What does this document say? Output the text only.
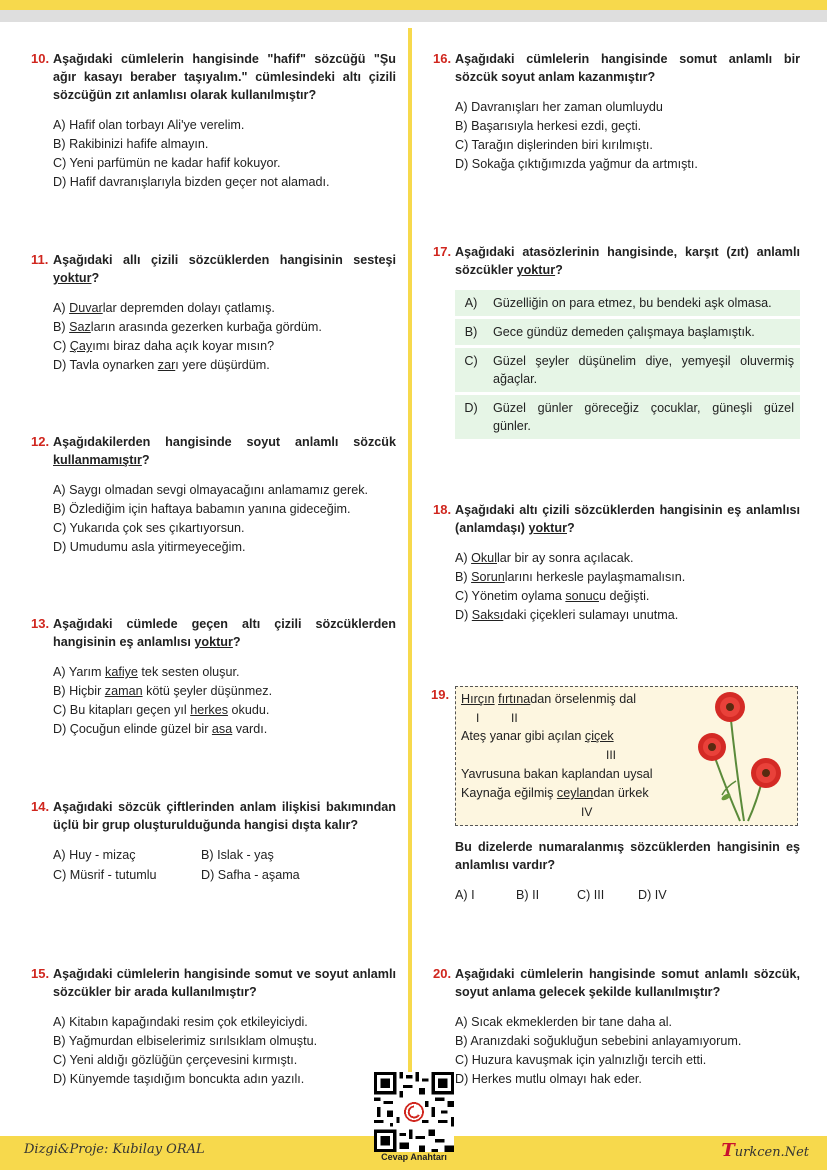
10. Aşağıdaki cümlelerin hangisinde "hafif" sözcüğü "Şu ağır kasayı beraber taşıyalım." cümlesindeki altı çizili sözcüğün zıt anlamlısı olarak kullanılmıştır?

A) Hafif olan torbayı Ali'ye verelim.

B) Rakibinizi hafife almayın.

C) Yeni parfümün ne kadar hafif kokuyor.

D) Hafif davranışlarıyla bizden geçer not alamadı.

11. Aşağıdaki allı çizili sözcüklerden hangisinin sesteşi yoktur?

A) Duvarlar depremden dolayı çatlamış.

B) Sazların arasında gezerken kurbağa gördüm.

C) Çayımı biraz daha açık koyar mısın?

D) Tavla oynarken zarı yere düşürdüm.

12. Aşağıdakilerden hangisinde soyut anlamlı sözcük kullanmamıştır?

A) Saygı olmadan sevgi olmayacağını anlamamız gerek.

B) Özlediğim için haftaya babamın yanına gideceğim.

C) Yukarıda çok ses çıkartıyorsun.

D) Umudumu asla yitirmeyeceğim.

13. Aşağıdaki cümlede geçen altı çizili sözcüklerden hangisinin eş anlamlısı yoktur?

A) Yarım kafiye tek sesten oluşur.

B) Hiçbir zaman kötü şeyler düşünmez.

C) Bu kitapları geçen yıl herkes okudu.

D) Çocuğun elinde güzel bir asa vardı.

14. Aşağıdaki sözcük çiftlerinden anlam ilişkisi bakımından üçlü bir grup oluşturulduğunda hangisi dışta kalır?

A) Huy - mizaç	B) Islak - yaş
C) Müsrif - tutumlu	D) Safha - aşama
15. Aşağıdaki cümlelerin hangisinde somut ve soyut anlamlı sözcükler bir arada kullanılmıştır?

A) Kitabın kapağındaki resim çok etkileyiciydi.

B) Yağmurdan elbiselerimiz sırılsıklam olmuştu.

C) Yeni aldığı gözlüğün çerçevesini kırmıştı.

D) Künyemde taşıdığım boncukta adın yazılı.

16. Aşağıdaki cümlelerin hangisinde somut anlamlı bir sözcük soyut anlam kazanmıştır?

A) Davranışları her zaman olumluydu

B) Başarısıyla herkesi ezdi, geçti.

C) Tarağın dişlerinden biri kırılmıştı.

D) Sokağa çıktığımızda yağmur da artmıştı.

17. Aşağıdaki atasözlerinin hangisinde, karşıt (zıt) anlamlı sözcükler yoktur?

A)	Güzelliğin on para etmez, bu bendeki aşk olmasa.
B)	Gece gündüz demeden çalışmaya başlamıştık.
C)	Güzel şeyler düşünelim diye, yemyeşil oluvermiş ağaçlar.
D)	Güzel günler göreceğiz çocuklar, güneşli güzel günler.
18. Aşağıdaki altı çizili sözcüklerden hangisinin eş anlamlısı (anlamdaşı) yoktur?

A) Okullar bir ay sonra açılacak.

B) Sorunlarını herkesle paylaşmamalısın.

C) Yönetim oylama sonucu değişti.

D) Saksıdaki çiçekleri sulamayı unutma.

19. Hırçın fırtınadan örselenmiş dal
I	II
Ateş yanar gibi açılan çiçek
III
Yavrusuna bakan kaplandan uysal
Kaynağa eğilmiş ceylandan ürkek
IV

Bu dizelerde numaralanmış sözcüklerden hangisinin eş anlamlısı vardır?

A) I	B) II	C) III	D) IV
20. Aşağıdaki cümlelerin hangisinde somut anlamlı sözcük, soyut anlama gelecek şekilde kullanılmıştır?

A) Sıcak ekmeklerden bir tane daha al.

B) Aranızdaki soğukluğun sebebini anlayamıyorum.

C) Huzura kavuşmak için yalnızlığı tercih etti.

D) Herkes mutlu olmayı hak eder.

Dizgi&Proje: Kubilay ORAL	Turkcen.Net
Cevap Anahtarı
